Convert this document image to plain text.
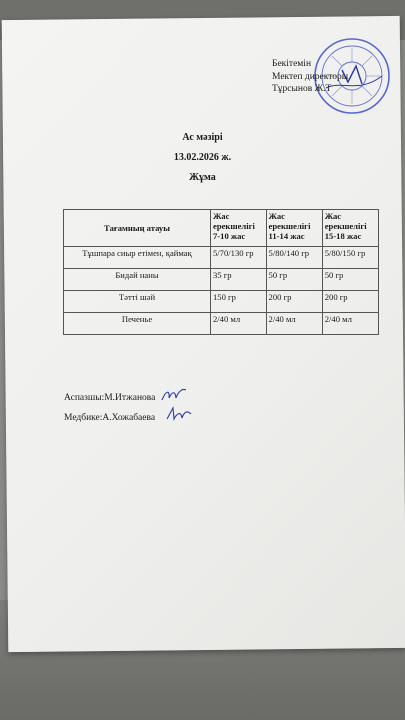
Бекітемін
Мектеп директоры
Тұрсынов Ж.Т
Ас мәзірі
13.02.2026 ж.
Жұма
Тағамның атауы	Жас ерекшелігі 7-10 жас	Жас ерекшелігі 11-14 жас	Жас ерекшелігі 15-18 жас

Тұшпара сиыр етімен, қаймақ	5/70/130 гр	5/80/140 гр	5/80/150 гр
Бидай наны	35 гр	50 гр	50 гр
Тәтті шәй	150 гр	200 гр	200 гр
Печенье	2/40 мл	2/40 мл	2/40 мл
Аспазшы:М.Итжанова
Медбике:А.Хожабаева
